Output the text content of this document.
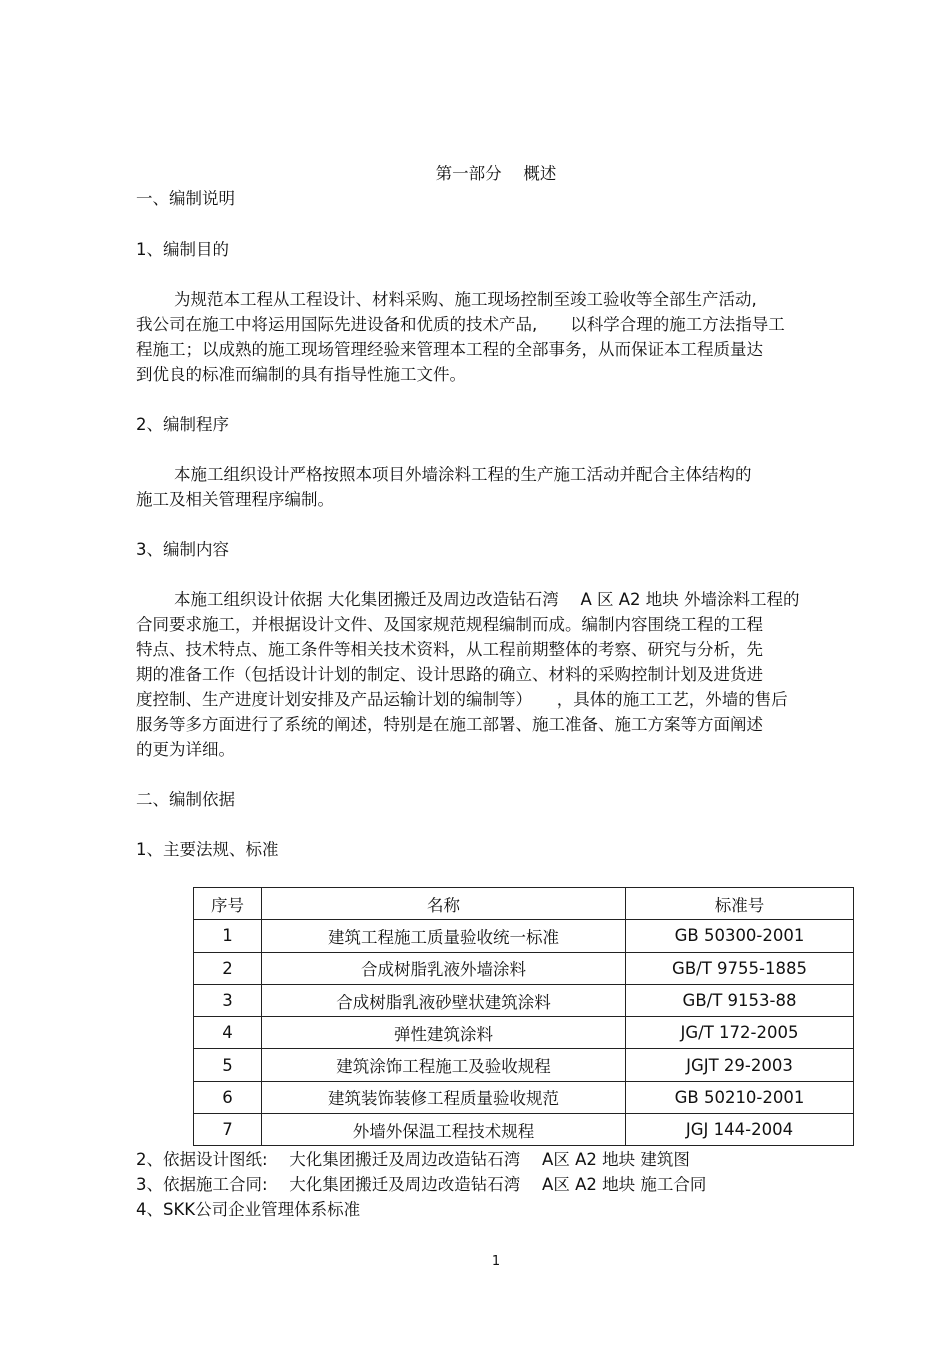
第一部分　 概述
一、编制说明
1、编制目的
为规范本工程从工程设计、材料采购、施工现场控制至竣工验收等全部生产活动,
我公司在施工中将运用国际先进设备和优质的技术产品,　　以科学合理的施工方法指导工
程施工；以成熟的施工现场管理经验来管理本工程的全部事务，从而保证本工程质量达
到优良的标准而编制的具有指导性施工文件。
2、编制程序
本施工组织设计严格按照本项目外墙涂料工程的生产施工活动并配合主体结构的
施工及相关管理程序编制。
3、编制内容
本施工组织设计依据 大化集团搬迁及周边改造钻石湾　 A 区 A2 地块 外墙涂料工程的
合同要求施工，并根据设计文件、及国家规范规程编制而成。编制内容围绕工程的工程
特点、技术特点、施工条件等相关技术资料，从工程前期整体的考察、研究与分析，先
期的准备工作（包括设计计划的制定、设计思路的确立、材料的采购控制计划及进货进
度控制、生产进度计划安排及产品运输计划的编制等）　　，具体的施工工艺，外墙的售后
服务等多方面进行了系统的阐述，特别是在施工部署、施工准备、施工方案等方面阐述
的更为详细。
二、编制依据
1、主要法规、标准
序号	名称	标准号
1	建筑工程施工质量验收统一标准	GB 50300-2001
2	合成树脂乳液外墙涂料	GB/T 9755-1885
3	合成树脂乳液砂壁状建筑涂料	GB/T 9153-88
4	弹性建筑涂料	JG/T 172-2005
5	建筑涂饰工程施工及验收规程	JGJT 29-2003
6	建筑装饰装修工程质量验收规范	GB 50210-2001
7	外墙外保温工程技术规程	JGJ 144-2004
2、依据设计图纸:　 大化集团搬迁及周边改造钻石湾　 A区 A2 地块 建筑图
3、依据施工合同:　 大化集团搬迁及周边改造钻石湾　 A区 A2 地块 施工合同
4、SKK公司企业管理体系标准
1
